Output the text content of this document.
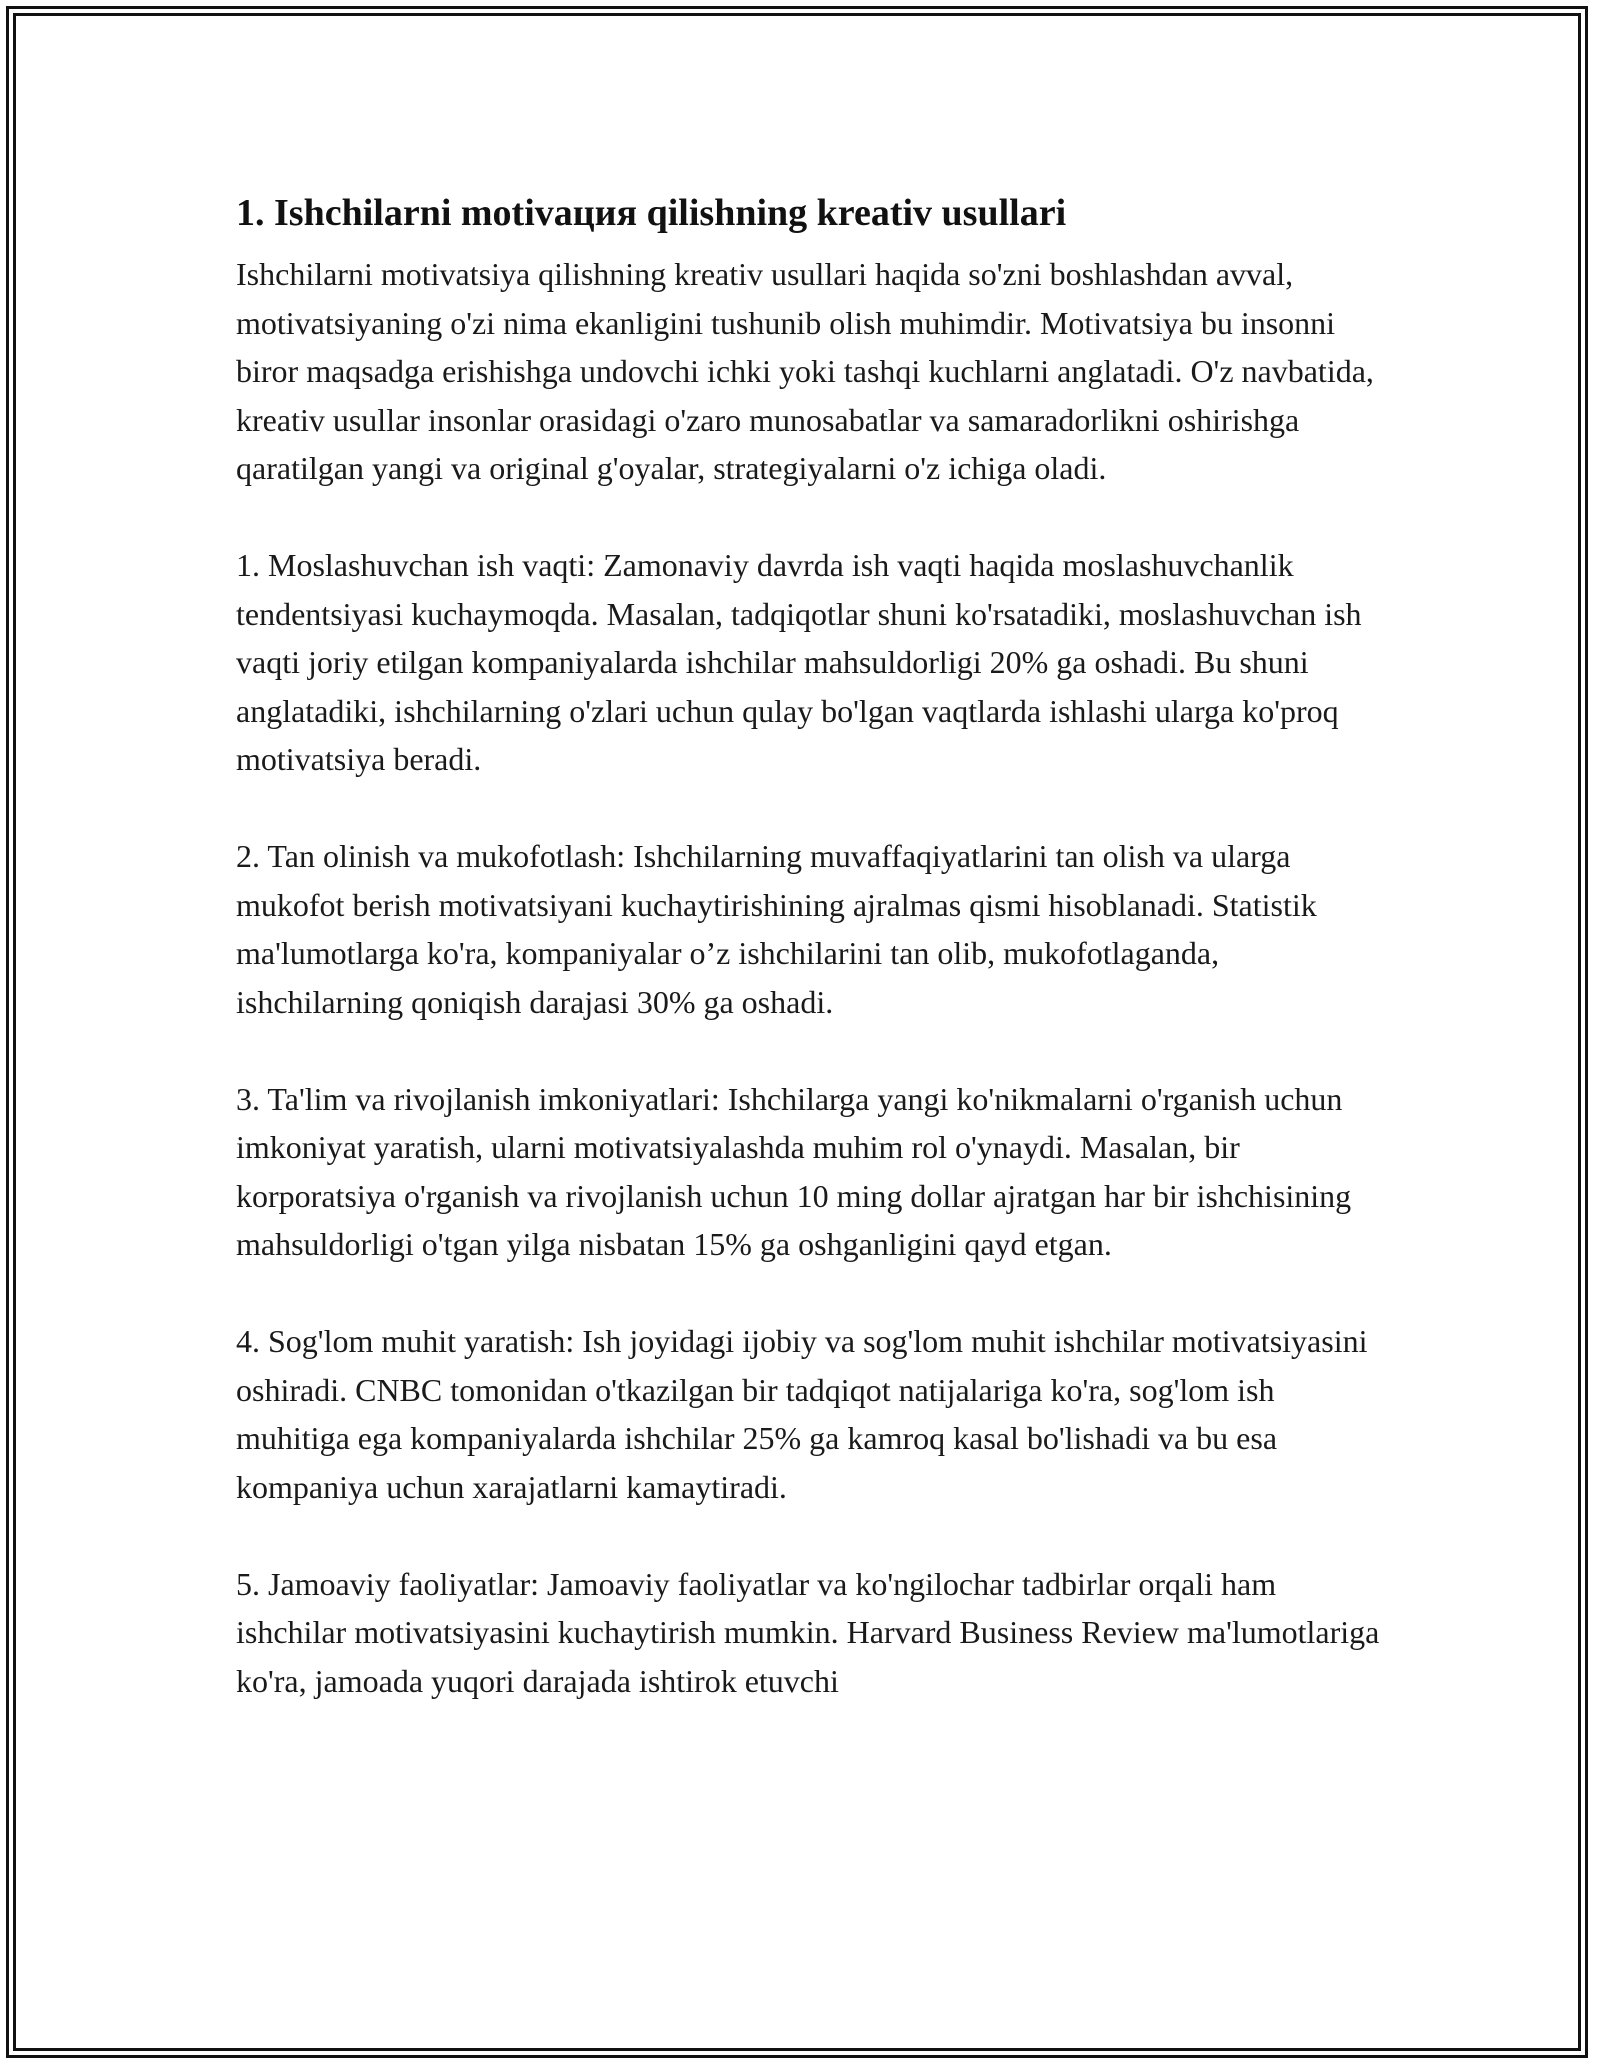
1. Ishchilarni motivaция qilishning kreativ usullari

Ishchilarni motivatsiya qilishning kreativ usullari haqida so'zni boshlashdan avval, motivatsiyaning o'zi nima ekanligini tushunib olish muhimdir. Motivatsiya bu insonni biror maqsadga erishishga undovchi ichki yoki tashqi kuchlarni anglatadi. O'z navbatida, kreativ usullar insonlar orasidagi o'zaro munosabatlar va samaradorlikni oshirishga qaratilgan yangi va original g'oyalar, strategiyalarni o'z ichiga oladi.

1. Moslashuvchan ish vaqti: Zamonaviy davrda ish vaqti haqida moslashuvchanlik tendentsiyasi kuchaymoqda. Masalan, tadqiqotlar shuni ko'rsatadiki, moslashuvchan ish vaqti joriy etilgan kompaniyalarda ishchilar mahsuldorligi 20% ga oshadi. Bu shuni anglatadiki, ishchilarning o'zlari uchun qulay bo'lgan vaqtlarda ishlashi ularga ko'proq motivatsiya beradi.

2. Tan olinish va mukofotlash: Ishchilarning muvaffaqiyatlarini tan olish va ularga mukofot berish motivatsiyani kuchaytirishining ajralmas qismi hisoblanadi. Statistik ma'lumotlarga ko'ra, kompaniyalar o’z ishchilarini tan olib, mukofotlaganda, ishchilarning qoniqish darajasi 30% ga oshadi.

3. Ta'lim va rivojlanish imkoniyatlari: Ishchilarga yangi ko'nikmalarni o'rganish uchun imkoniyat yaratish, ularni motivatsiyalashda muhim rol o'ynaydi. Masalan, bir korporatsiya o'rganish va rivojlanish uchun 10 ming dollar ajratgan har bir ishchisining mahsuldorligi o'tgan yilga nisbatan 15% ga oshganligini qayd etgan.

4. Sog'lom muhit yaratish: Ish joyidagi ijobiy va sog'lom muhit ishchilar motivatsiyasini oshiradi. CNBC tomonidan o'tkazilgan bir tadqiqot natijalariga ko'ra, sog'lom ish muhitiga ega kompaniyalarda ishchilar 25% ga kamroq kasal bo'lishadi va bu esa kompaniya uchun xarajatlarni kamaytiradi.

5. Jamoaviy faoliyatlar: Jamoaviy faoliyatlar va ko'ngilochar tadbirlar orqali ham ishchilar motivatsiyasini kuchaytirish mumkin. Harvard Business Review ma'lumotlariga ko'ra, jamoada yuqori darajada ishtirok etuvchi
